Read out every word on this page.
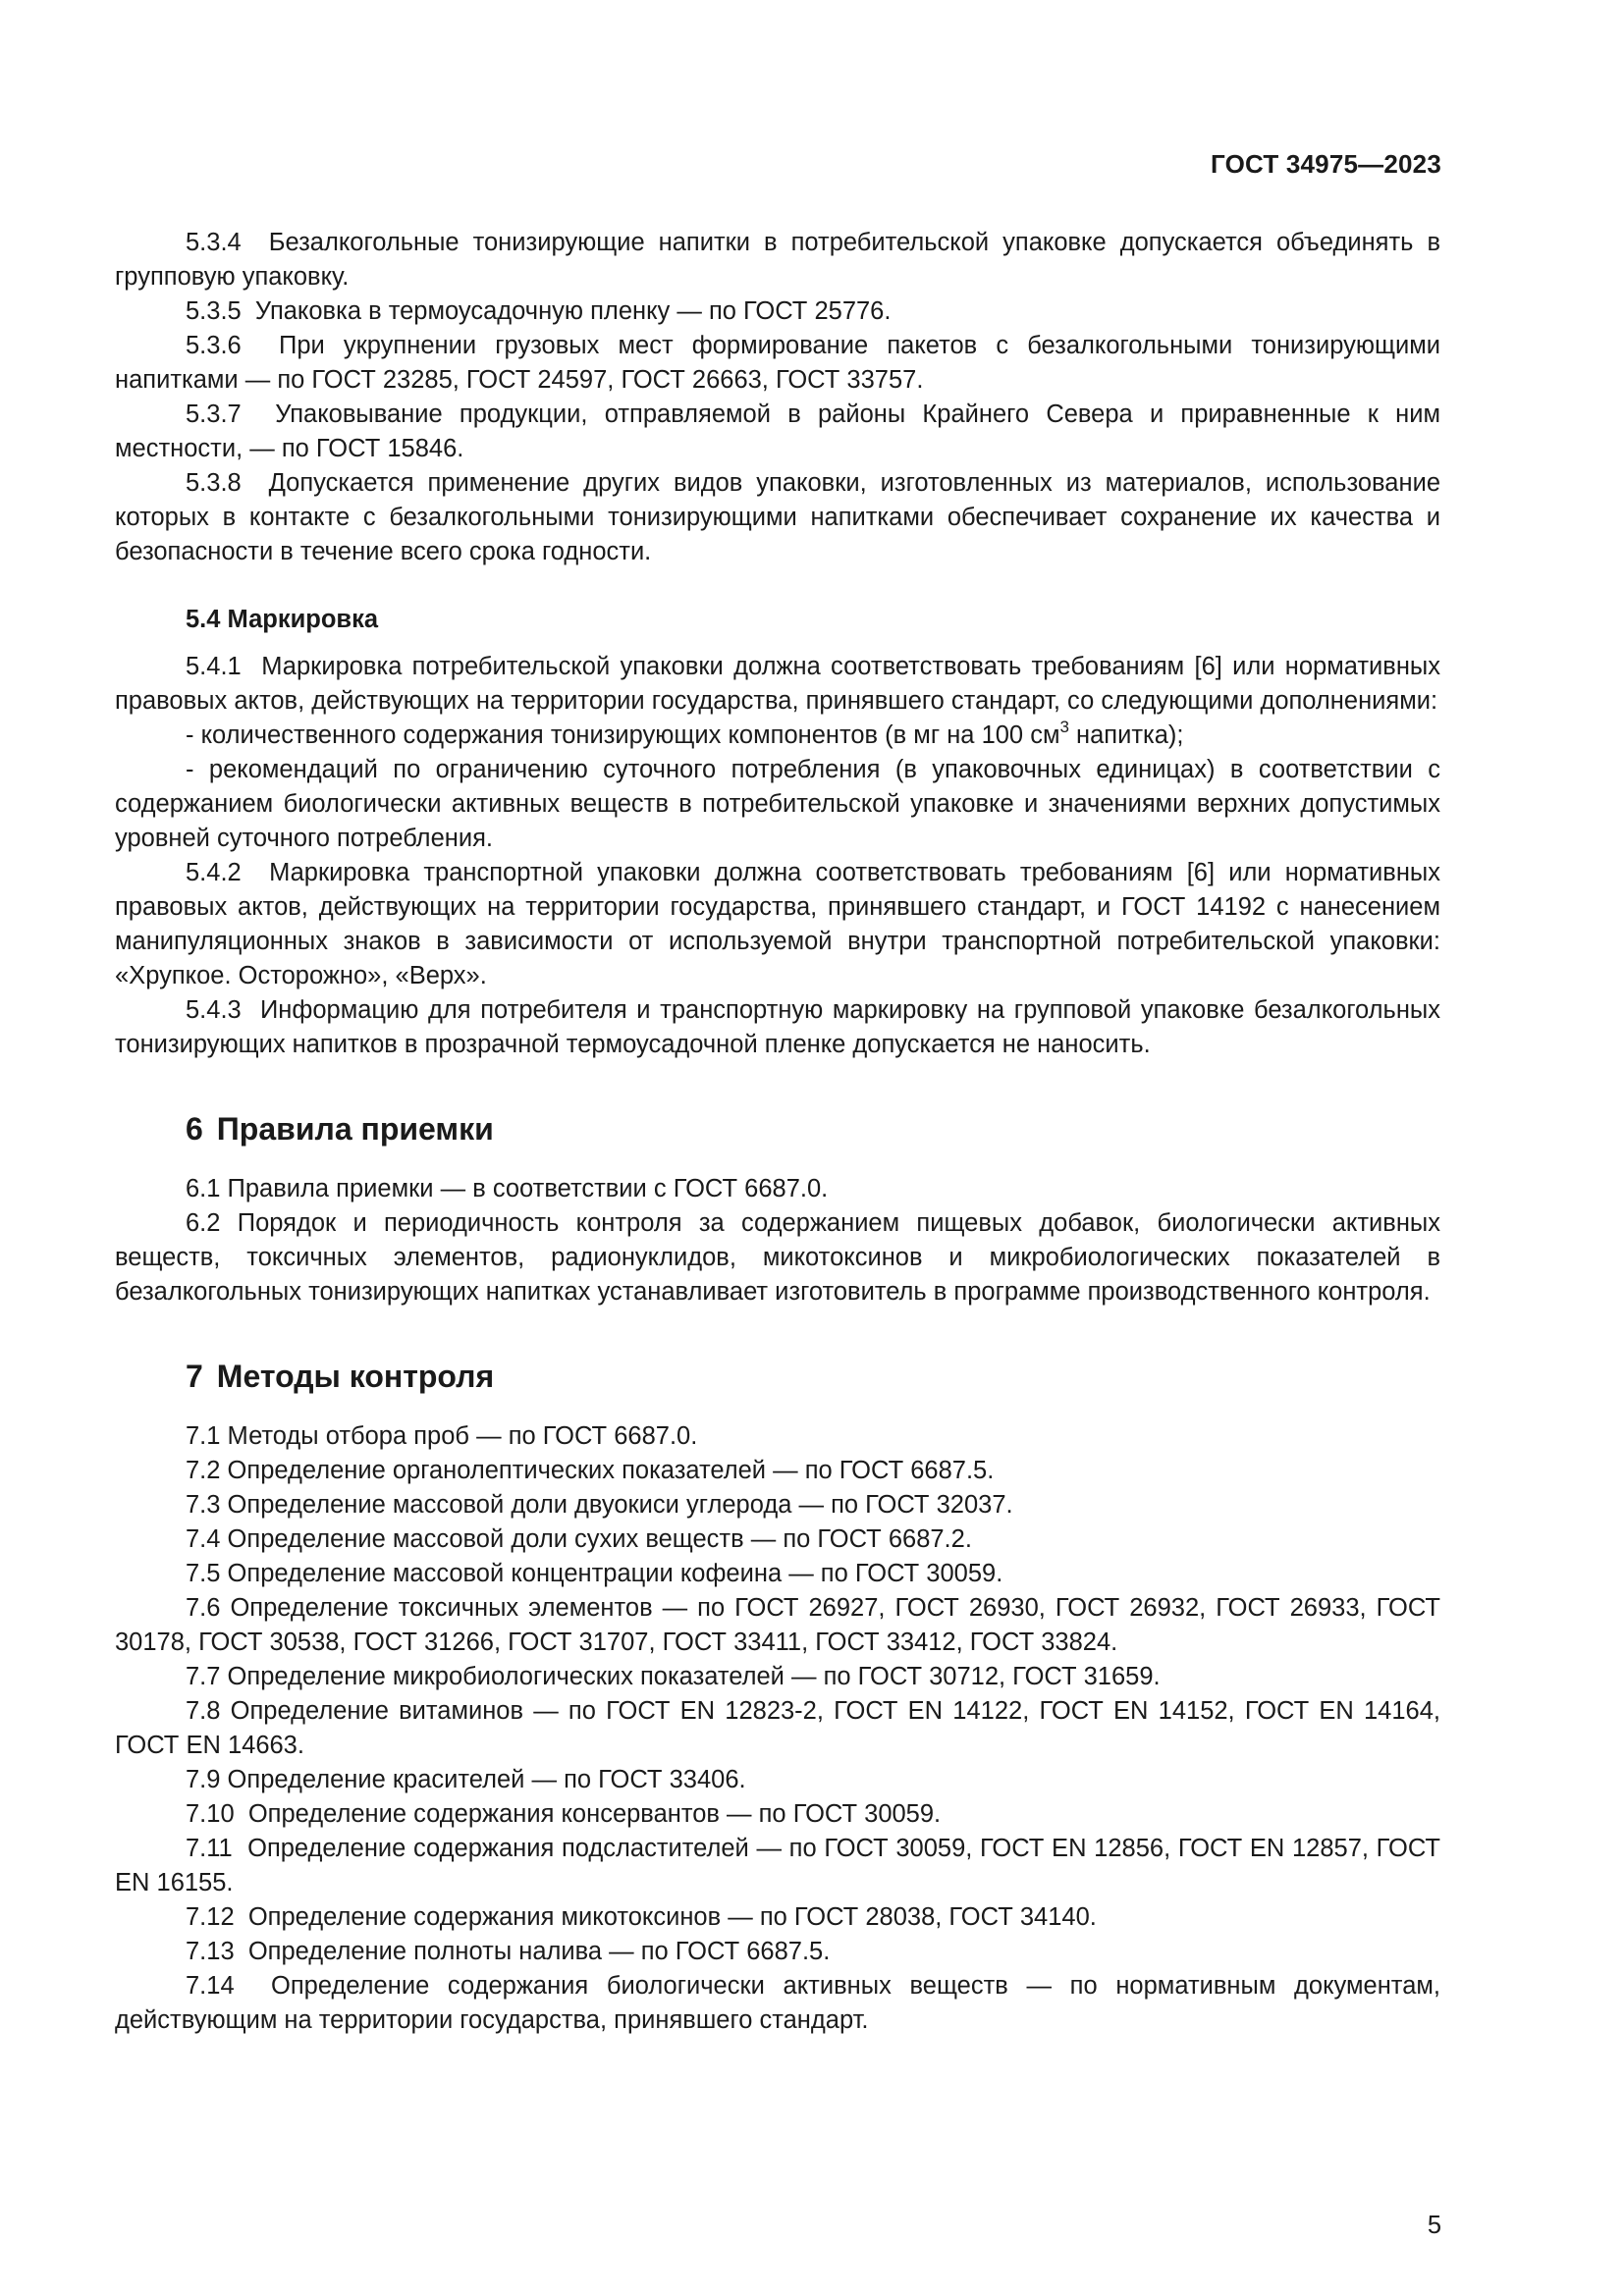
ГОСТ 34975—2023

5.3.4 Безалкогольные тонизирующие напитки в потребительской упаковке допускается объединять в групповую упаковку.

5.3.5 Упаковка в термоусадочную пленку — по ГОСТ 25776.

5.3.6 При укрупнении грузовых мест формирование пакетов с безалкогольными тонизирующими напитками — по ГОСТ 23285, ГОСТ 24597, ГОСТ 26663, ГОСТ 33757.

5.3.7 Упаковывание продукции, отправляемой в районы Крайнего Севера и приравненные к ним местности, — по ГОСТ 15846.

5.3.8 Допускается применение других видов упаковки, изготовленных из материалов, использование которых в контакте с безалкогольными тонизирующими напитками обеспечивает сохранение их качества и безопасности в течение всего срока годности.

5.4 Маркировка

5.4.1 Маркировка потребительской упаковки должна соответствовать требованиям [6] или нормативных правовых актов, действующих на территории государства, принявшего стандарт, со следующими дополнениями:

- количественного содержания тонизирующих компонентов (в мг на 100 $см^3$ напитка);

- рекомендаций по ограничению суточного потребления (в упаковочных единицах) в соответствии с содержанием биологически активных веществ в потребительской упаковке и значениями верхних допустимых уровней суточного потребления.

5.4.2 Маркировка транспортной упаковки должна соответствовать требованиям [6] или нормативных правовых актов, действующих на территории государства, принявшего стандарт, и ГОСТ 14192 с нанесением манипуляционных знаков в зависимости от используемой внутри транспортной потребительской упаковки: «Хрупкое. Осторожно», «Верх».

5.4.3 Информацию для потребителя и транспортную маркировку на групповой упаковке безалкогольных тонизирующих напитков в прозрачной термоусадочной пленке допускается не наносить.

6 Правила приемки

6.1 Правила приемки — в соответствии с ГОСТ 6687.0.

6.2 Порядок и периодичность контроля за содержанием пищевых добавок, биологически активных веществ, токсичных элементов, радионуклидов, микотоксинов и микробиологических показателей в безалкогольных тонизирующих напитках устанавливает изготовитель в программе производственного контроля.

7 Методы контроля

7.1 Методы отбора проб — по ГОСТ 6687.0.

7.2 Определение органолептических показателей — по ГОСТ 6687.5.

7.3 Определение массовой доли двуокиси углерода — по ГОСТ 32037.

7.4 Определение массовой доли сухих веществ — по ГОСТ 6687.2.

7.5 Определение массовой концентрации кофеина — по ГОСТ 30059.

7.6 Определение токсичных элементов — по ГОСТ 26927, ГОСТ 26930, ГОСТ 26932, ГОСТ 26933, ГОСТ 30178, ГОСТ 30538, ГОСТ 31266, ГОСТ 31707, ГОСТ 33411, ГОСТ 33412, ГОСТ 33824.

7.7 Определение микробиологических показателей — по ГОСТ 30712, ГОСТ 31659.

7.8 Определение витаминов — по ГОСТ EN 12823-2, ГОСТ EN 14122, ГОСТ EN 14152, ГОСТ EN 14164, ГОСТ EN 14663.

7.9 Определение красителей — по ГОСТ 33406.

7.10 Определение содержания консервантов — по ГОСТ 30059.

7.11 Определение содержания подсластителей — по ГОСТ 30059, ГОСТ EN 12856, ГОСТ EN 12857, ГОСТ EN 16155.

7.12 Определение содержания микотоксинов — по ГОСТ 28038, ГОСТ 34140.

7.13 Определение полноты налива — по ГОСТ 6687.5.

7.14 Определение содержания биологически активных веществ — по нормативным документам, действующим на территории государства, принявшего стандарт.

5
